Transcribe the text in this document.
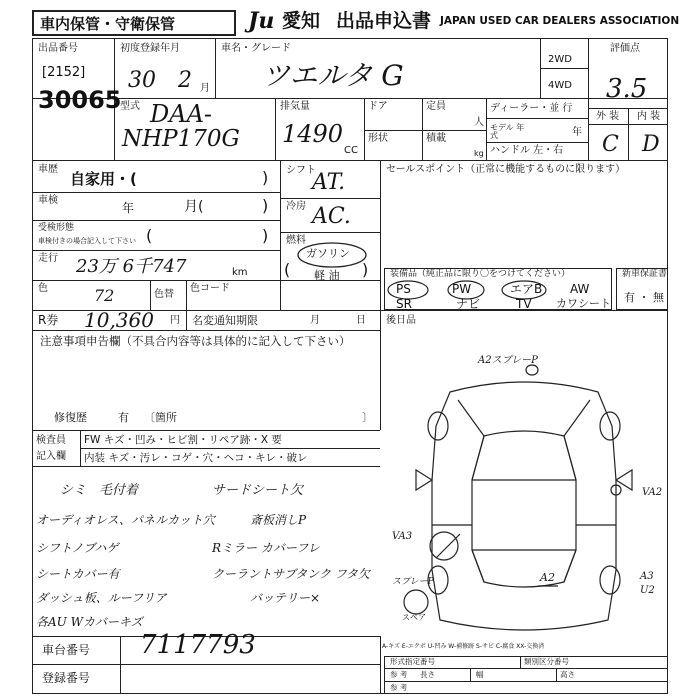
車内保管・守衛保管	Ju 愛知 出品申込書 JAPAN USED CAR DEALERS ASSOCIATION
出品番号
[2152]
30065
初度登録年月
30 2 月
車名・グレード
ツエルタ G	2WD
4WD
評価点
3.5
外 装 内 装
C D
型式 DAA-
NHP170G
排気量
1490
CC
ドア
形状
定員
人
積載
kg
ディーラー・並 行
モデル 年 式	年
ハンドル 左・右
車歴
自家用・(	)
車検
年	月(	)
受検形態
車検付きの場合記入して下さい (	)
走行 23万 6千747	km
色	72	色替
色コード
シフト
AT.
冷房 AC.
燃料
(
ガソリン
軽 油 )
セールスポイント（正常に機能するものに限ります）
装備品（純正品に限り〇をつけてください）
PS	PW	エアB AW
SR	ナビ	TV カワシート
新車保証書
有 ・ 無
R券 10,360 円 名変通知期限	月	日 後日品
注意事項申告欄（不具合内容等は具体的に記入して下さい）
修復歴	有 〔箇所	〕
検査員
記入欄
FW キズ・凹み・ヒビ割・リペア跡・X 要
内装 キズ・汚レ・コゲ・穴・ヘコ・キレ・破レ
シミ　毛付着	サードシート欠
オーディオレス、パネルカット穴	斎板消しP
シフトノブハゲ	Rミラー カバーフレ
シートカバー有	クーラントサブタンク フタ欠
ダッシュ板、ルーフリア	バッテリー×
各AU Wカバーキズ
A2スプレーP
VA2
VA3
スプレーP	A2	A3
U2
スペア
A-キズ E-エクボ U-凹み W-補修跡 S-サビ C-腐食 XX-交換済
車台番号 7117793
登録番号
形式指定番号	類別区分番号
参 考 長さ	幅	高さ
参 考
